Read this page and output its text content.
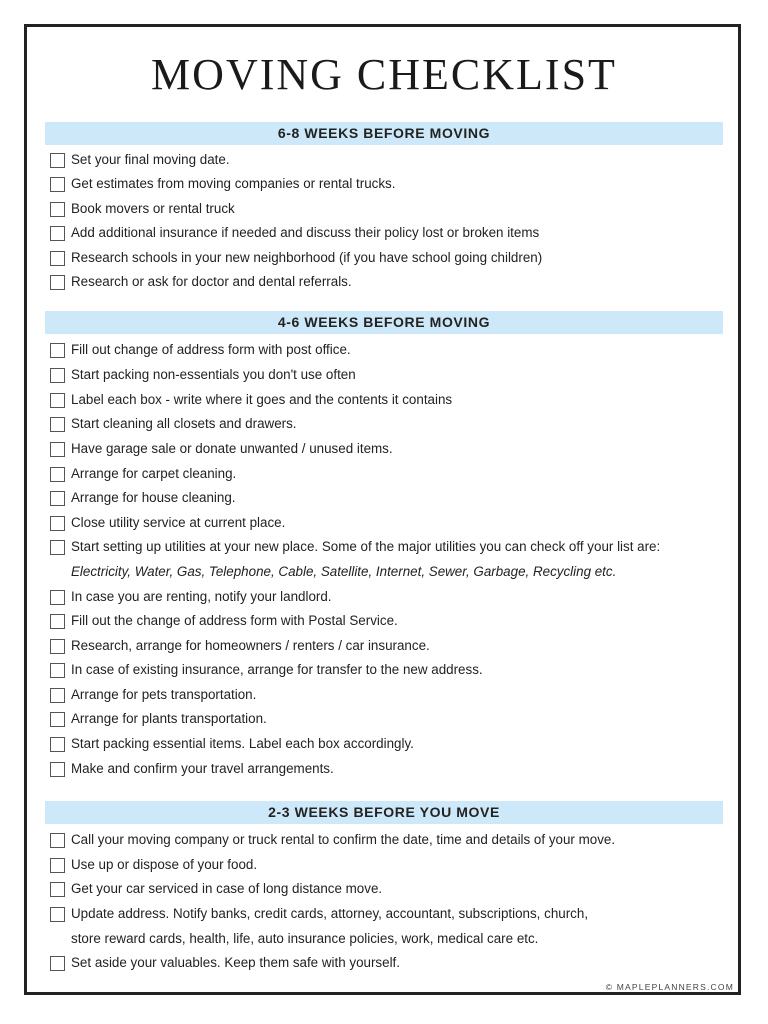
MOVING CHECKLIST
6-8 WEEKS BEFORE MOVING
Set your final moving date.
Get estimates from moving companies or rental trucks.
Book movers or rental truck
Add additional insurance if needed and discuss their policy lost or broken items
Research schools in your new neighborhood (if you have school going children)
Research or ask for doctor and dental referrals.
4-6 WEEKS BEFORE MOVING
Fill out change of address form with post office.
Start packing non-essentials you don't use often
Label each box - write where it goes and the contents it contains
Start cleaning all closets and drawers.
Have garage sale or donate unwanted / unused items.
Arrange for carpet cleaning.
Arrange for house cleaning.
Close utility service at current place.
Start setting up utilities at your new place. Some of the major utilities you can check off your list are:
Electricity, Water, Gas, Telephone, Cable, Satellite, Internet, Sewer, Garbage, Recycling etc.
In case you are renting, notify your landlord.
Fill out the change of address form with Postal Service.
Research, arrange for homeowners / renters / car insurance.
In case of existing insurance, arrange for transfer to the new address.
Arrange for pets transportation.
Arrange for plants transportation.
Start packing essential items. Label each box accordingly.
Make and confirm your travel arrangements.
2-3 WEEKS BEFORE YOU MOVE
Call your moving company or truck rental to confirm the date, time and details of your move.
Use up or dispose of your food.
Get your car serviced in case of long distance move.
Update address. Notify banks, credit cards, attorney, accountant, subscriptions, church,
store reward cards, health, life, auto insurance policies, work, medical care etc.
Set aside your valuables. Keep them safe with yourself.
© MAPLEPLANNERS.COM
